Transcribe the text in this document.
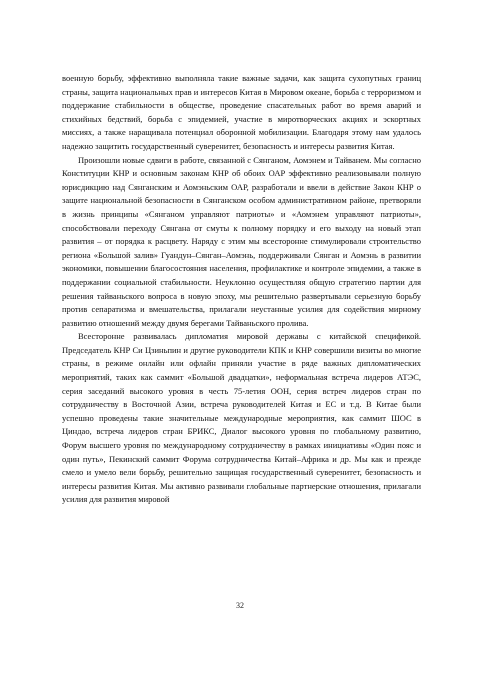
военную борьбу, эффективно выполняла такие важные задачи, как защита сухопутных границ страны, защита национальных прав и интересов Китая в Мировом океане, борьба с терроризмом и поддержание стабильности в обществе, проведение спасательных работ во время аварий и стихийных бедствий, борьба с эпидемией, участие в миротворческих акциях и эскортных миссиях, а также наращивала потенциал оборонной мобилизации. Благодаря этому нам удалось надежно защитить государственный суверенитет, безопасность и интересы развития Китая.

Произошли новые сдвиги в работе, связанной с Сянганом, Аомэнем и Тайванем. Мы согласно Конституции КНР и основным законам КНР об обоих ОАР эффективно реализовывали полную юрисдикцию над Сянганским и Аомэньским ОАР, разработали и ввели в действие Закон КНР о защите национальной безопасности в Сянганском особом административном районе, претворяли в жизнь принципы «Сянганом управляют патриоты» и «Аомэнем управляют патриоты», способствовали переходу Сянгана от смуты к полному порядку и его выходу на новый этап развития – от порядка к расцвету. Наряду с этим мы всесторонне стимулировали строительство региона «Большой залив» Гуандун–Сянган–Аомэнь, поддерживали Сянган и Аомэнь в развитии экономики, повышении благосостояния населения, профилактике и контроле эпидемии, а также в поддержании социальной стабильности. Неуклонно осуществляя общую стратегию партии для решения тайваньского вопроса в новую эпоху, мы решительно развертывали серьезную борьбу против сепаратизма и вмешательства, прилагали неустанные усилия для содействия мирному развитию отношений между двумя берегами Тайваньского пролива.

Всесторонне развивалась дипломатия мировой державы с китайской спецификой. Председатель КНР Си Цзиньпин и другие руководители КПК и КНР совершили визиты во многие страны, в режиме онлайн или офлайн приняли участие в ряде важных дипломатических мероприятий, таких как саммит «Большой двадцатки», неформальная встреча лидеров АТЭС, серия заседаний высокого уровня в честь 75-летия ООН, серия встреч лидеров стран по сотрудничеству в Восточной Азии, встреча руководителей Китая и ЕС и т.д. В Китае были успешно проведены такие значительные международные мероприятия, как саммит ШОС в Циндао, встреча лидеров стран БРИКС, Диалог высокого уровня по глобальному развитию, Форум высшего уровня по международному сотрудничеству в рамках инициативы «Один пояс и один путь», Пекинский саммит Форума сотрудничества Китай–Африка и др. Мы как и прежде смело и умело вели борьбу, решительно защищая государственный суверенитет, безопасность и интересы развития Китая. Мы активно развивали глобальные партнерские отношения, прилагали усилия для развития мировой

32
